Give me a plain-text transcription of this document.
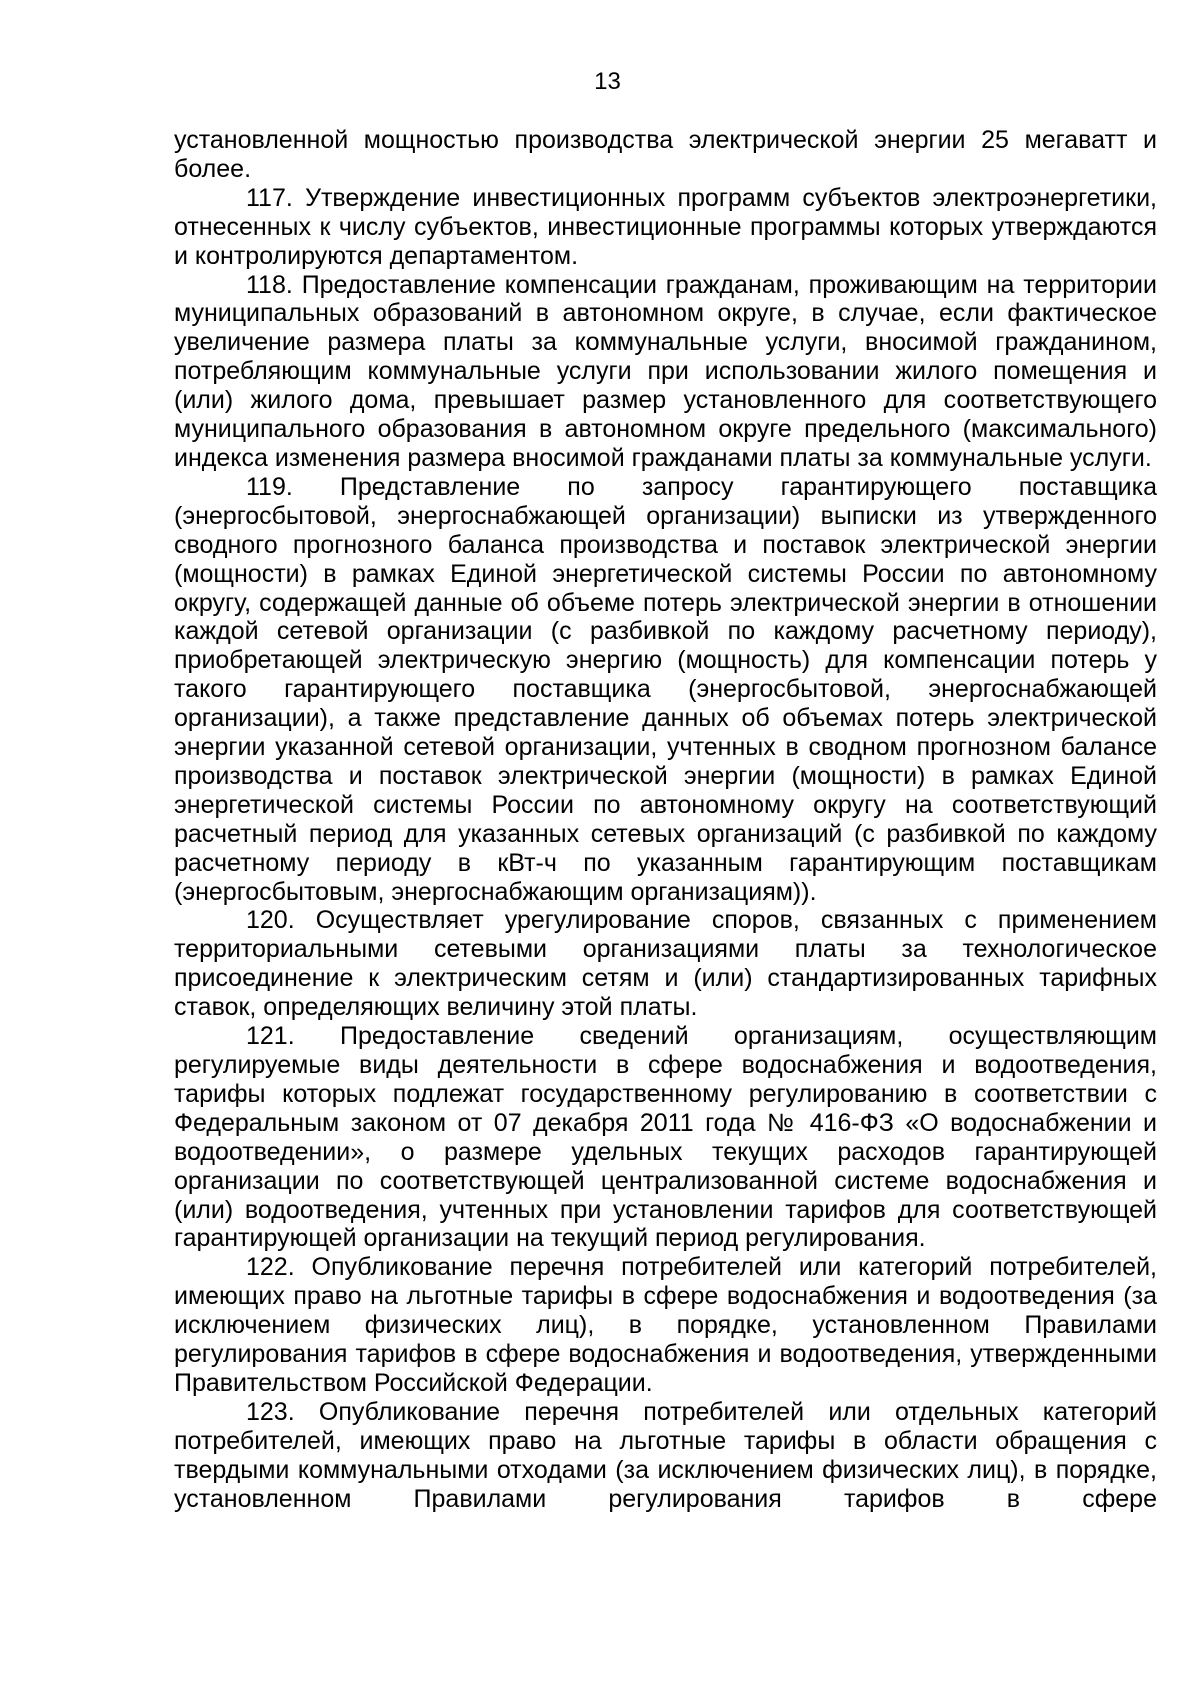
13

установленной мощностью производства электрической энергии 25 мегаватт и более.

117. Утверждение инвестиционных программ субъектов электроэнергетики, отнесенных к числу субъектов, инвестиционные программы которых утверждаются и контролируются департаментом.

118. Предоставление компенсации гражданам, проживающим на территории муниципальных образований в автономном округе, в случае, если фактическое увеличение размера платы за коммунальные услуги, вносимой гражданином, потребляющим коммунальные услуги при использовании жилого помещения и (или) жилого дома, превышает размер установленного для соответствующего муниципального образования в автономном округе предельного (максимального) индекса изменения размера вносимой гражданами платы за коммунальные услуги.

119. Представление по запросу гарантирующего поставщика (энергосбытовой, энергоснабжающей организации) выписки из утвержденного сводного прогнозного баланса производства и поставок электрической энергии (мощности) в рамках Единой энергетической системы России по автономному округу, содержащей данные об объеме потерь электрической энергии в отношении каждой сетевой организации (с разбивкой по каждому расчетному периоду), приобретающей электрическую энергию (мощность) для компенсации потерь у такого гарантирующего поставщика (энергосбытовой, энергоснабжающей организации), а также представление данных об объемах потерь электрической энергии указанной сетевой организации, учтенных в сводном прогнозном балансе производства и поставок электрической энергии (мощности) в рамках Единой энергетической системы России по автономному округу на соответствующий расчетный период для указанных сетевых организаций (с разбивкой по каждому расчетному периоду в кВт-ч по указанным гарантирующим поставщикам (энергосбытовым, энергоснабжающим организациям)).

120. Осуществляет урегулирование споров, связанных с применением территориальными сетевыми организациями платы за технологическое присоединение к электрическим сетям и (или) стандартизированных тарифных ставок, определяющих величину этой платы.

121. Предоставление сведений организациям, осуществляющим регулируемые виды деятельности в сфере водоснабжения и водоотведения, тарифы которых подлежат государственному регулированию в соответствии с Федеральным законом от 07 декабря 2011 года № 416-ФЗ «О водоснабжении и водоотведении», о размере удельных текущих расходов гарантирующей организации по соответствующей централизованной системе водоснабжения и (или) водоотведения, учтенных при установлении тарифов для соответствующей гарантирующей организации на текущий период регулирования.

122. Опубликование перечня потребителей или категорий потребителей, имеющих право на льготные тарифы в сфере водоснабжения и водоотведения (за исключением физических лиц), в порядке, установленном Правилами регулирования тарифов в сфере водоснабжения и водоотведения, утвержденными Правительством Российской Федерации.

123. Опубликование перечня потребителей или отдельных категорий потребителей, имеющих право на льготные тарифы в области обращения с твердыми коммунальными отходами (за исключением физических лиц), в порядке, установленном Правилами регулирования тарифов в сфере
